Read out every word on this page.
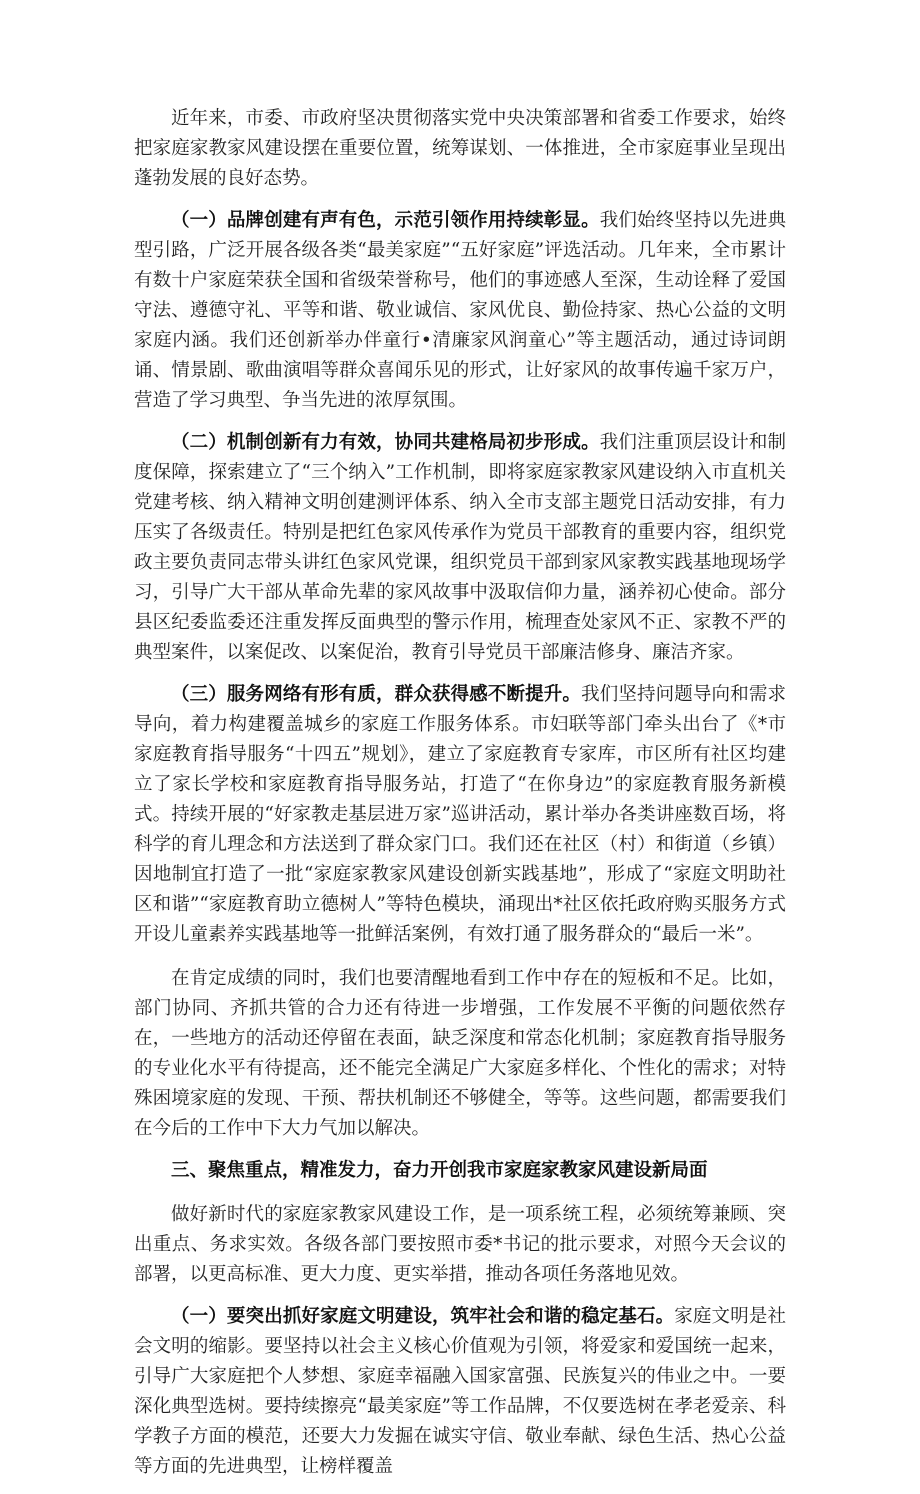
近年来，市委、市政府坚决贯彻落实党中央决策部署和省委工作要求，始终把家庭家教家风建设摆在重要位置，统筹谋划、一体推进，全市家庭事业呈现出蓬勃发展的良好态势。

（一）品牌创建有声有色，示范引领作用持续彰显。我们始终坚持以先进典型引路，广泛开展各级各类“最美家庭”“五好家庭”评选活动。几年来，全市累计有数十户家庭荣获全国和省级荣誉称号，他们的事迹感人至深，生动诠释了爱国守法、遵德守礼、平等和谐、敬业诚信、家风优良、勤俭持家、热心公益的文明家庭内涵。我们还创新举办伴童行•清廉家风润童心”等主题活动，通过诗词朗诵、情景剧、歌曲演唱等群众喜闻乐见的形式，让好家风的故事传遍千家万户，营造了学习典型、争当先进的浓厚氛围。

（二）机制创新有力有效，协同共建格局初步形成。我们注重顶层设计和制度保障，探索建立了“三个纳入”工作机制，即将家庭家教家风建设纳入市直机关党建考核、纳入精神文明创建测评体系、纳入全市支部主题党日活动安排，有力压实了各级责任。特别是把红色家风传承作为党员干部教育的重要内容，组织党政主要负责同志带头讲红色家风党课，组织党员干部到家风家教实践基地现场学习，引导广大干部从革命先辈的家风故事中汲取信仰力量，涵养初心使命。部分县区纪委监委还注重发挥反面典型的警示作用，梳理查处家风不正、家教不严的典型案件，以案促改、以案促治，教育引导党员干部廉洁修身、廉洁齐家。

（三）服务网络有形有质，群众获得感不断提升。我们坚持问题导向和需求导向，着力构建覆盖城乡的家庭工作服务体系。市妇联等部门牵头出台了《*市家庭教育指导服务“十四五”规划》，建立了家庭教育专家库，市区所有社区均建立了家长学校和家庭教育指导服务站，打造了“在你身边”的家庭教育服务新模式。持续开展的“好家教走基层进万家”巡讲活动，累计举办各类讲座数百场，将科学的育儿理念和方法送到了群众家门口。我们还在社区（村）和街道（乡镇）因地制宜打造了一批“家庭家教家风建设创新实践基地”，形成了“家庭文明助社区和谐”“家庭教育助立德树人”等特色模块，涌现出*社区依托政府购买服务方式开设儿童素养实践基地等一批鲜活案例，有效打通了服务群众的“最后一米”。

在肯定成绩的同时，我们也要清醒地看到工作中存在的短板和不足。比如，部门协同、齐抓共管的合力还有待进一步增强，工作发展不平衡的问题依然存在，一些地方的活动还停留在表面，缺乏深度和常态化机制；家庭教育指导服务的专业化水平有待提高，还不能完全满足广大家庭多样化、个性化的需求；对特殊困境家庭的发现、干预、帮扶机制还不够健全，等等。这些问题，都需要我们在今后的工作中下大力气加以解决。

三、聚焦重点，精准发力，奋力开创我市家庭家教家风建设新局面

做好新时代的家庭家教家风建设工作，是一项系统工程，必须统筹兼顾、突出重点、务求实效。各级各部门要按照市委*书记的批示要求，对照今天会议的部署，以更高标准、更大力度、更实举措，推动各项任务落地见效。

（一）要突出抓好家庭文明建设，筑牢社会和谐的稳定基石。家庭文明是社会文明的缩影。要坚持以社会主义核心价值观为引领，将爱家和爱国统一起来，引导广大家庭把个人梦想、家庭幸福融入国家富强、民族复兴的伟业之中。一要深化典型选树。要持续擦亮“最美家庭”等工作品牌，不仅要选树在孝老爱亲、科学教子方面的模范，还要大力发掘在诚实守信、敬业奉献、绿色生活、热心公益等方面的先进典型，让榜样覆盖
